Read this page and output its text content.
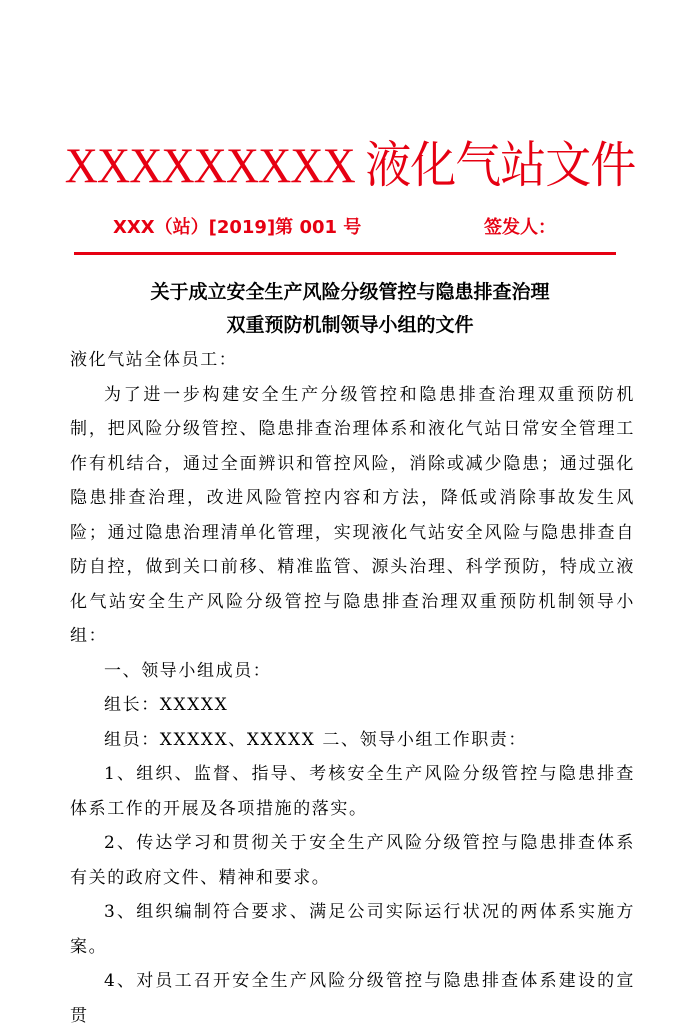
XXXXXXXXX 液化气站文件
XXX（站）[2019]第 001 号	签发人：
关于成立安全生产风险分级管控与隐患排查治理
双重预防机制领导小组的文件

液化气站全体员工：

为了进一步构建安全生产分级管控和隐患排查治理双重预防机制，把风险分级管控、隐患排查治理体系和液化气站日常安全管理工作有机结合，通过全面辨识和管控风险，消除或减少隐患；通过强化隐患排查治理，改进风险管控内容和方法，降低或消除事故发生风险；通过隐患治理清单化管理，实现液化气站安全风险与隐患排查自防自控，做到关口前移、精准监管、源头治理、科学预防，特成立液化气站安全生产风险分级管控与隐患排查治理双重预防机制领导小组：

一、领导小组成员：

组长：XXXXX

组员：XXXXX、XXXXX 二、领导小组工作职责：

1、组织、监督、指导、考核安全生产风险分级管控与隐患排查体系工作的开展及各项措施的落实。

2、传达学习和贯彻关于安全生产风险分级管控与隐患排查体系有关的政府文件、精神和要求。

3、组织编制符合要求、满足公司实际运行状况的两体系实施方案。

4、对员工召开安全生产风险分级管控与隐患排查体系建设的宣贯
